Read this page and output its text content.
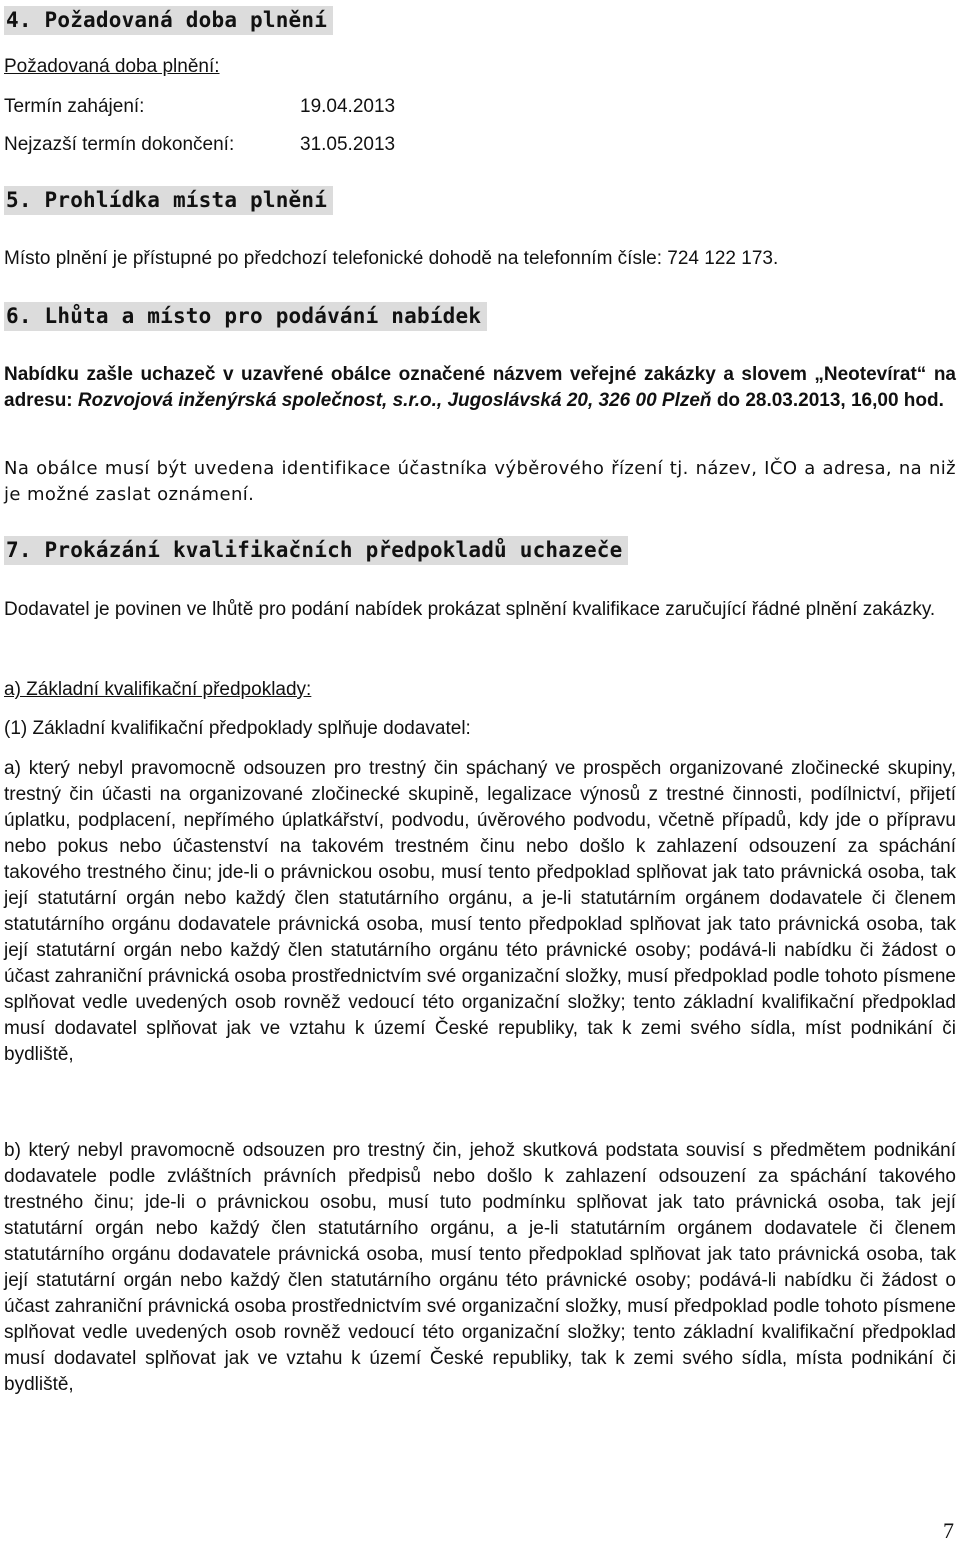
4. Požadovaná doba plnění

Požadovaná doba plnění:

Termín zahájení:	19.04.2013

Nejzazší termín dokončení:	31.05.2013

5. Prohlídka místa plnění

Místo plnění je přístupné po předchozí telefonické dohodě na telefonním čísle: 724 122 173.

6. Lhůta a místo pro podávání nabídek

Nabídku zašle uchazeč v uzavřené obálce označené názvem veřejné zakázky a slovem „Neotevírat“ na adresu: Rozvojová inženýrská společnost, s.r.o., Jugoslávská 20, 326 00 Plzeň do 28.03.2013, 16,00 hod.

Na obálce musí být uvedena identifikace účastníka výběrového řízení tj. název, IČO a adresa, na niž je možné zaslat oznámení.

7. Prokázání kvalifikačních předpokladů uchazeče

Dodavatel je povinen ve lhůtě pro podání nabídek prokázat splnění kvalifikace zaručující řádné plnění zakázky.

a) Základní kvalifikační předpoklady:

(1) Základní kvalifikační předpoklady splňuje dodavatel:

a) který nebyl pravomocně odsouzen pro trestný čin spáchaný ve prospěch organizované zločinecké skupiny, trestný čin účasti na organizované zločinecké skupině, legalizace výnosů z trestné činnosti, podílnictví, přijetí úplatku, podplacení, nepřímého úplatkářství, podvodu, úvěrového podvodu, včetně případů, kdy jde o přípravu nebo pokus nebo účastenství na takovém trestném činu nebo došlo k zahlazení odsouzení za spáchání takového trestného činu; jde-li o právnickou osobu, musí tento předpoklad splňovat jak tato právnická osoba, tak její statutární orgán nebo každý člen statutárního orgánu, a je-li statutárním orgánem dodavatele či členem statutárního orgánu dodavatele právnická osoba, musí tento předpoklad splňovat jak tato právnická osoba, tak její statutární orgán nebo každý člen statutárního orgánu této právnické osoby; podává-li nabídku či žádost o účast zahraniční právnická osoba prostřednictvím své organizační složky, musí předpoklad podle tohoto písmene splňovat vedle uvedených osob rovněž vedoucí této organizační složky; tento základní kvalifikační předpoklad musí dodavatel splňovat jak ve vztahu k území České republiky, tak k zemi svého sídla, míst podnikání či bydliště,

b) který nebyl pravomocně odsouzen pro trestný čin, jehož skutková podstata souvisí s předmětem podnikání dodavatele podle zvláštních právních předpisů nebo došlo k zahlazení odsouzení za spáchání takového trestného činu; jde-li o právnickou osobu, musí tuto podmínku splňovat jak tato právnická osoba, tak její statutární orgán nebo každý člen statutárního orgánu, a je-li statutárním orgánem dodavatele či členem statutárního orgánu dodavatele právnická osoba, musí tento předpoklad splňovat jak tato právnická osoba, tak její statutární orgán nebo každý člen statutárního orgánu této právnické osoby; podává-li nabídku či žádost o účast zahraniční právnická osoba prostřednictvím své organizační složky, musí předpoklad podle tohoto písmene splňovat vedle uvedených osob rovněž vedoucí této organizační složky; tento základní kvalifikační předpoklad musí dodavatel splňovat jak ve vztahu k území České republiky, tak k zemi svého sídla, místa podnikání či bydliště,

7
